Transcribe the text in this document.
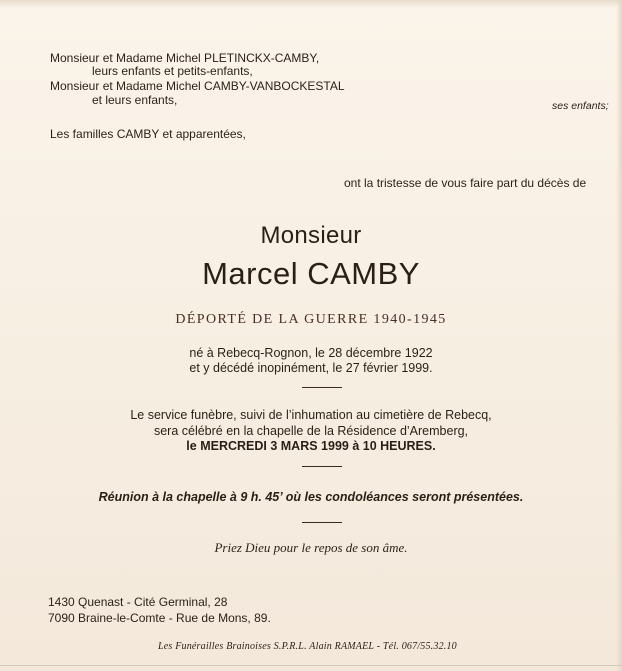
Monsieur et Madame Michel PLETINCKX-CAMBY,
leurs enfants et petits-enfants,
Monsieur et Madame Michel CAMBY-VANBOCKESTAL
et leurs enfants,	ses enfants;
Les familles CAMBY et apparentées,
ont la tristesse de vous faire part du décès de
Monsieur
Marcel CAMBY
DÉPORTÉ DE LA GUERRE 1940-1945
né à Rebecq-Rognon, le 28 décembre 1922
et y décédé inopinément, le 27 février 1999.
Le service funèbre, suivi de l’inhumation au cimetière de Rebecq,
sera célébré en la chapelle de la Résidence d’Aremberg,
le MERCREDI 3 MARS 1999 à 10 HEURES.
Réunion à la chapelle à 9 h. 45’ où les condoléances seront présentées.
Priez Dieu pour le repos de son âme.
1430 Quenast - Cité Germinal, 28
7090 Braine-le-Comte - Rue de Mons, 89.
Les Funérailles Brainoises S.P.R.L. Alain RAMAEL - Tél. 067/55.32.10
